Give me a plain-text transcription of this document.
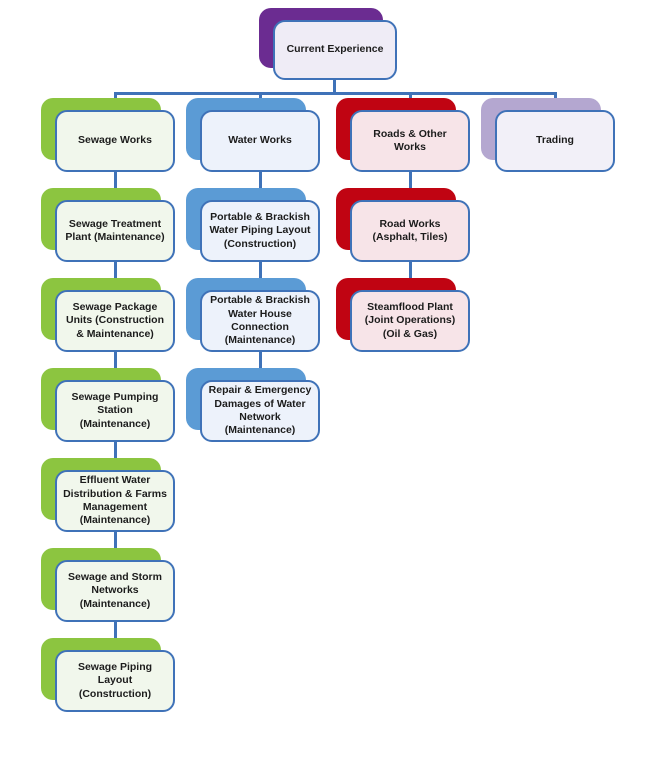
Current Experience
Sewage Works	Water Works
Roads & Other Works
Trading
Sewage Treatment Plant (Maintenance)
Sewage Package Units (Construction & Maintenance)
Sewage Pumping Station (Maintenance)
Effluent Water Distribution & Farms Management (Maintenance)
Sewage and Storm Networks (Maintenance)
Sewage Piping Layout (Construction)
Portable & Brackish Water Piping Layout (Construction)
Portable & Brackish Water House Connection (Maintenance)
Repair & Emergency Damages of Water Network (Maintenance)
Road Works (Asphalt, Tiles)
Steamflood Plant (Joint Operations) (Oil & Gas)
